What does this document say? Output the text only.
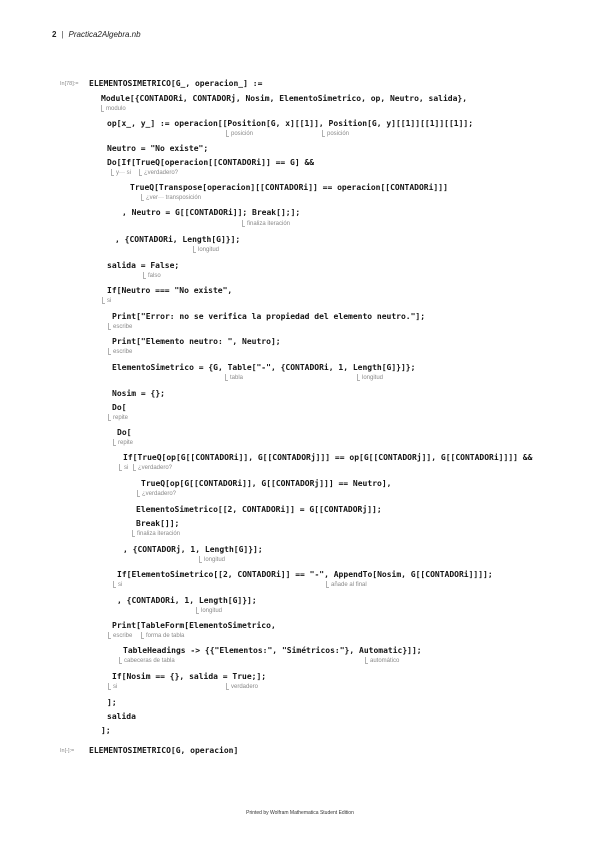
2 | Practica2Algebra.nb
In[78]:=
In[-]:=
ELEMENTOSIMETRICO[G_, operacion_] :=
Module[{CONTADORi, CONTADORj, Nosim, ElementoSimetrico, op, Neutro, salida},
op[x_, y_] := operacion[[Position[G, x][[1]], Position[G, y][[1]][[1]][[1]];
Neutro = "No existe";
Do[If[TrueQ[operacion[[CONTADORi]] == G] &&
TrueQ[Transpose[operacion][[CONTADORi]] == operacion[[CONTADORi]]]
, Neutro = G[[CONTADORi]]; Break[];];
, {CONTADORi, Length[G]}];
salida = False;
If[Neutro === "No existe",
Print["Error: no se verifica la propiedad del elemento neutro."];
Print["Elemento neutro: ", Neutro];
ElementoSimetrico = {G, Table["-", {CONTADORi, 1, Length[G]}]};
Nosim = {};
Do[
Do[
If[TrueQ[op[G[[CONTADORi]], G[[CONTADORj]]] == op[G[[CONTADORj]], G[[CONTADORi]]]] &&
TrueQ[op[G[[CONTADORi]], G[[CONTADORj]]] == Neutro],
ElementoSimetrico[[2, CONTADORi]] = G[[CONTADORj]];
Break[]];
, {CONTADORj, 1, Length[G]}];
If[ElementoSimetrico[[2, CONTADORi]] == "-", AppendTo[Nosim, G[[CONTADORi]]]];
, {CONTADORi, 1, Length[G]}];
Print[TableForm[ElementoSimetrico,
TableHeadings -> {{"Elementos:", "Simétricos:"}, Automatic}]];
If[Nosim == {}, salida = True;];
];
salida
];
ELEMENTOSIMETRICO[G, operacion]
modulo
posición	posición
y··· si	¿verdadero?
¿ver··· transposición
finaliza iteración
longitud
falso
si
escribe
escribe
tabla	longitud
repite
repite
si	¿verdadero?
¿verdadero?
finaliza iteración
longitud
si	añade al final
longitud
escribe	forma de tabla
cabeceras de tabla	automático
si	verdadero
Printed by Wolfram Mathematica Student Edition
